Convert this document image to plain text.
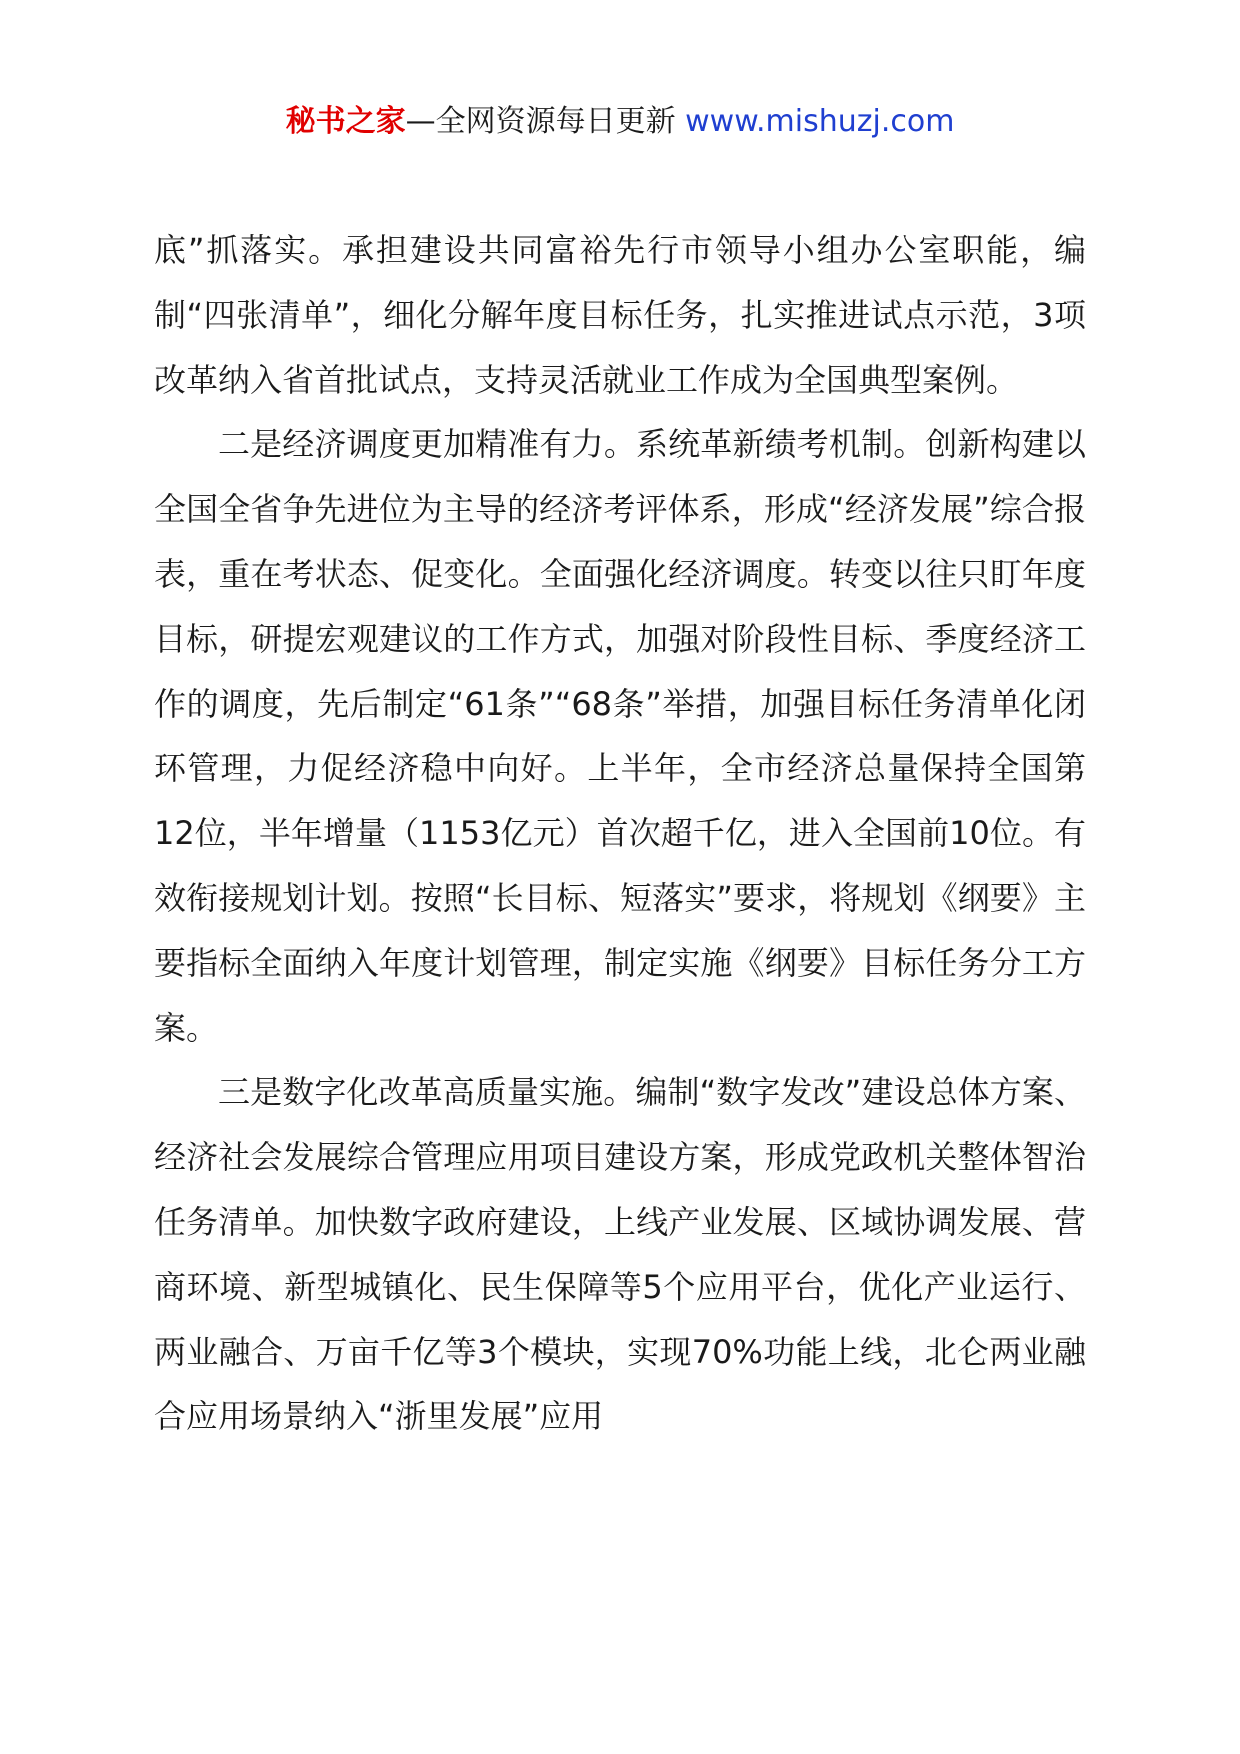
秘书之家—全网资源每日更新 www.mishuzj.com

底”抓落实。承担建设共同富裕先行市领导小组办公室职能，编制“四张清单”，细化分解年度目标任务，扎实推进试点示范，3项改革纳入省首批试点，支持灵活就业工作成为全国典型案例。

二是经济调度更加精准有力。系统革新绩考机制。创新构建以全国全省争先进位为主导的经济考评体系，形成“经济发展”综合报表，重在考状态、促变化。全面强化经济调度。转变以往只盯年度目标，研提宏观建议的工作方式，加强对阶段性目标、季度经济工作的调度，先后制定“61条”“68条”举措，加强目标任务清单化闭环管理，力促经济稳中向好。上半年，全市经济总量保持全国第12位，半年增量（1153亿元）首次超千亿，进入全国前10位。有效衔接规划计划。按照“长目标、短落实”要求，将规划《纲要》主要指标全面纳入年度计划管理，制定实施《纲要》目标任务分工方案。

三是数字化改革高质量实施。编制“数字发改”建设总体方案、经济社会发展综合管理应用项目建设方案，形成党政机关整体智治任务清单。加快数字政府建设，上线产业发展、区域协调发展、营商环境、新型城镇化、民生保障等5个应用平台，优化产业运行、两业融合、万亩千亿等3个模块，实现70%功能上线，北仑两业融合应用场景纳入“浙里发展”应用
